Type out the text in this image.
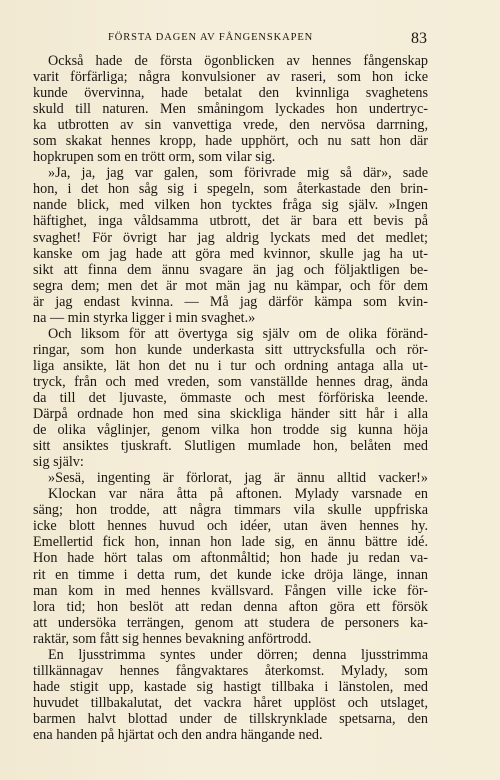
FÖRSTA DAGEN AV FÅNGENSKAPEN	83
Också hade de första ögonblicken av hennes fångenskap
varit förfärliga; några konvulsioner av raseri, som hon icke
kunde övervinna, hade betalat den kvinnliga svaghetens
skuld till naturen. Men småningom lyckades hon undertryc-
ka utbrotten av sin vanvettiga vrede, den nervösa darrning,
som skakat hennes kropp, hade upphört, och nu satt hon där
hopkrupen som en trött orm, som vilar sig.
»Ja, ja, jag var galen, som förivrade mig så där», sade
hon, i det hon såg sig i spegeln, som återkastade den brin-
nande blick, med vilken hon tycktes fråga sig själv. »Ingen
häftighet, inga våldsamma utbrott, det är bara ett bevis på
svaghet! För övrigt har jag aldrig lyckats med det medlet;
kanske om jag hade att göra med kvinnor, skulle jag ha ut-
sikt att finna dem ännu svagare än jag och följaktligen be-
segra dem; men det är mot män jag nu kämpar, och för dem
är jag endast kvinna. — Må jag därför kämpa som kvin-
na — min styrka ligger i min svaghet.»
Och liksom för att övertyga sig själv om de olika föränd-
ringar, som hon kunde underkasta sitt uttrycksfulla och rör-
liga ansikte, lät hon det nu i tur och ordning antaga alla ut-
tryck, från och med vreden, som vanställde hennes drag, ända
da till det ljuvaste, ömmaste och mest förföriska leende.
Därpå ordnade hon med sina skickliga händer sitt hår i alla
de olika våglinjer, genom vilka hon trodde sig kunna höja
sitt ansiktes tjuskraft. Slutligen mumlade hon, belåten med
sig själv:
»Sesä, ingenting är förlorat, jag är ännu alltid vacker!»
Klockan var nära åtta på aftonen. Mylady varsnade en
säng; hon trodde, att några timmars vila skulle uppfriska
icke blott hennes huvud och idéer, utan även hennes hy.
Emellertid fick hon, innan hon lade sig, en ännu bättre idé.
Hon hade hört talas om aftonmåltid; hon hade ju redan va-
rit en timme i detta rum, det kunde icke dröja länge, innan
man kom in med hennes kvällsvard. Fången ville icke för-
lora tid; hon beslöt att redan denna afton göra ett försök
att undersöka terrängen, genom att studera de personers ka-
raktär, som fått sig hennes bevakning anförtrodd.
En ljusstrimma syntes under dörren; denna ljusstrimma
tillkännagav hennes fångvaktares återkomst. Mylady, som
hade stigit upp, kastade sig hastigt tillbaka i länstolen, med
huvudet tillbakalutat, det vackra håret upplöst och utslaget,
barmen halvt blottad under de tillskrynklade spetsarna, den
ena handen på hjärtat och den andra hängande ned.
